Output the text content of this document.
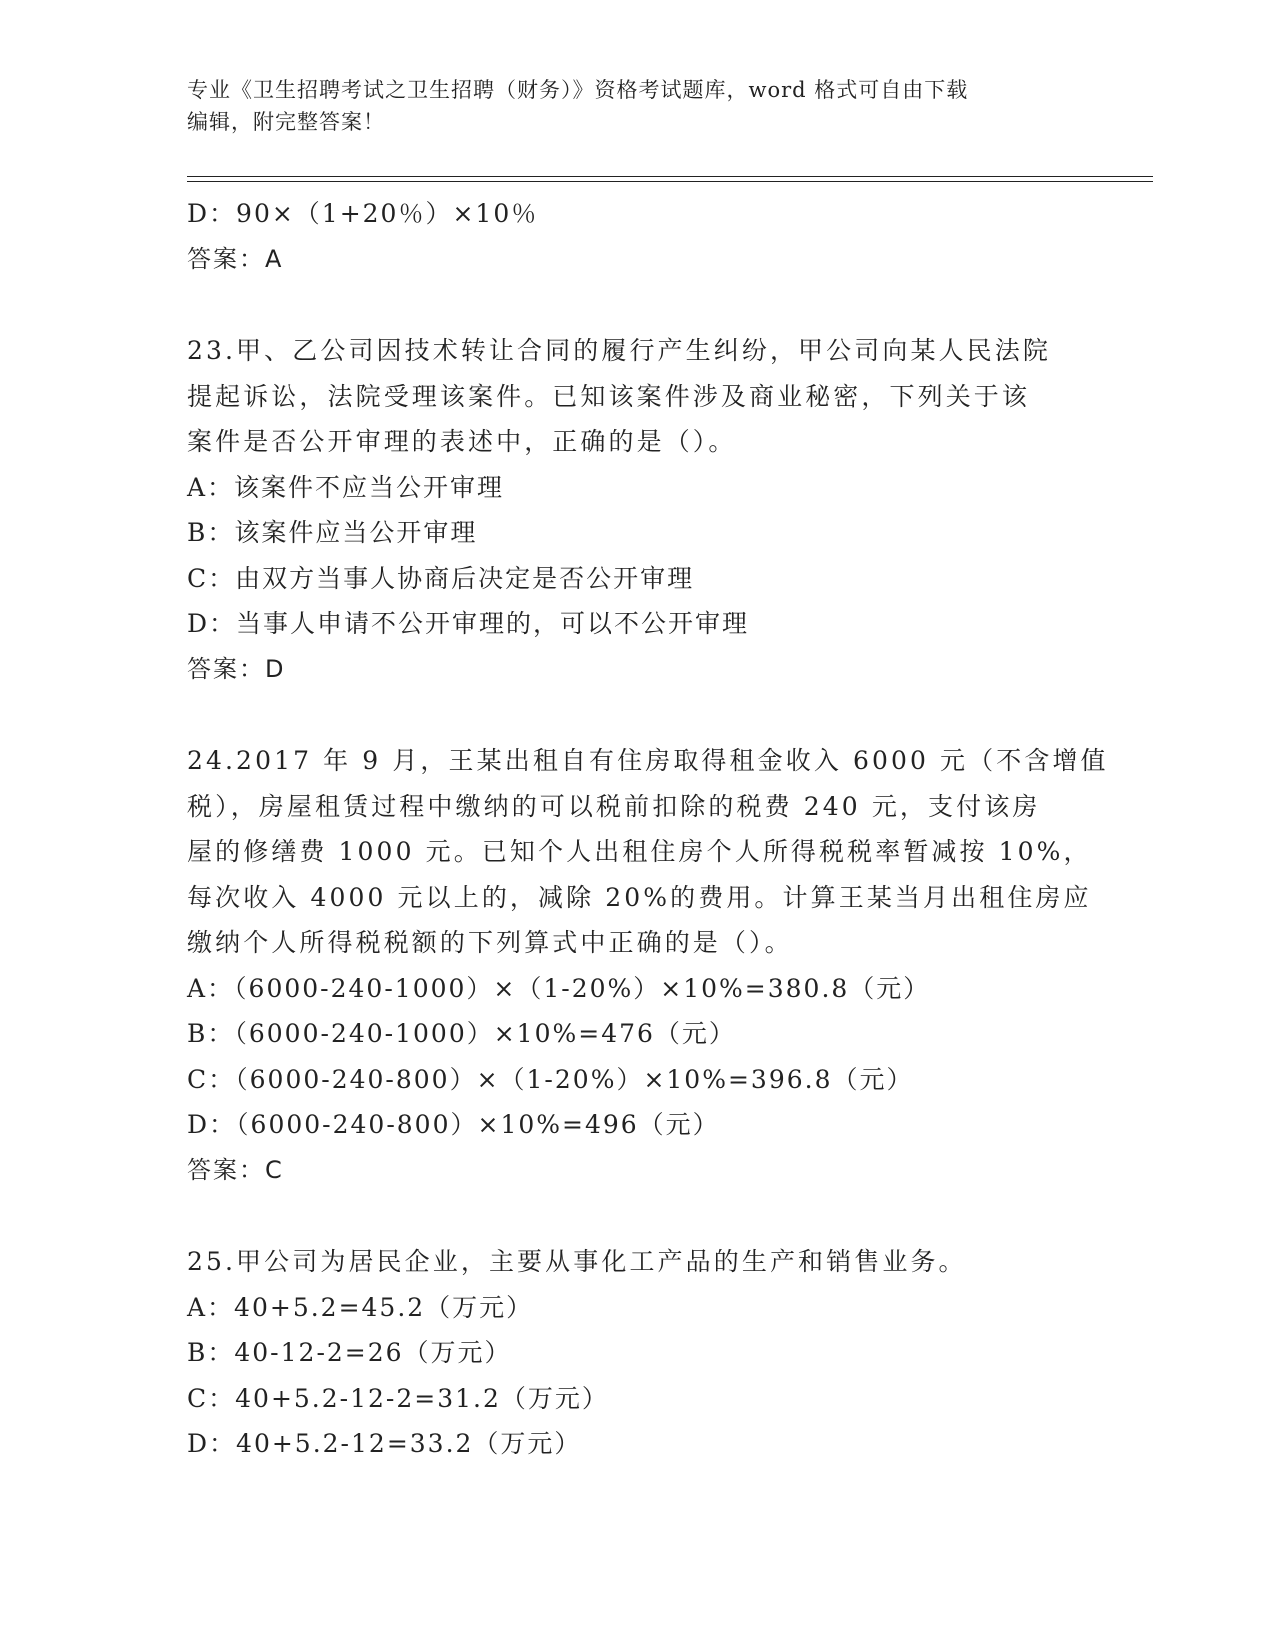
专业《卫生招聘考试之卫生招聘（财务）》资格考试题库，word 格式可自由下载
编辑，附完整答案！
D：90×（1+20％）×10％
答案：A
23.甲、乙公司因技术转让合同的履行产生纠纷，甲公司向某人民法院
提起诉讼，法院受理该案件。已知该案件涉及商业秘密，下列关于该
案件是否公开审理的表述中，正确的是（）。
A：该案件不应当公开审理
B：该案件应当公开审理
C：由双方当事人协商后决定是否公开审理
D：当事人申请不公开审理的，可以不公开审理
答案：D
24.2017 年 9 月，王某出租自有住房取得租金收入 6000 元（不含增值
税），房屋租赁过程中缴纳的可以税前扣除的税费 240 元，支付该房
屋的修缮费 1000 元。已知个人出租住房个人所得税税率暂减按 10%，
每次收入 4000 元以上的，减除 20%的费用。计算王某当月出租住房应
缴纳个人所得税税额的下列算式中正确的是（）。
A：（6000-240-1000）×（1-20%）×10%=380.8（元）
B：（6000-240-1000）×10%=476（元）
C：（6000-240-800）×（1-20%）×10%=396.8（元）
D：（6000-240-800）×10%=496（元）
答案：C
25.甲公司为居民企业，主要从事化工产品的生产和销售业务。
A：40+5.2=45.2（万元）
B：40-12-2=26（万元）
C：40+5.2-12-2=31.2（万元）
D：40+5.2-12=33.2（万元）
